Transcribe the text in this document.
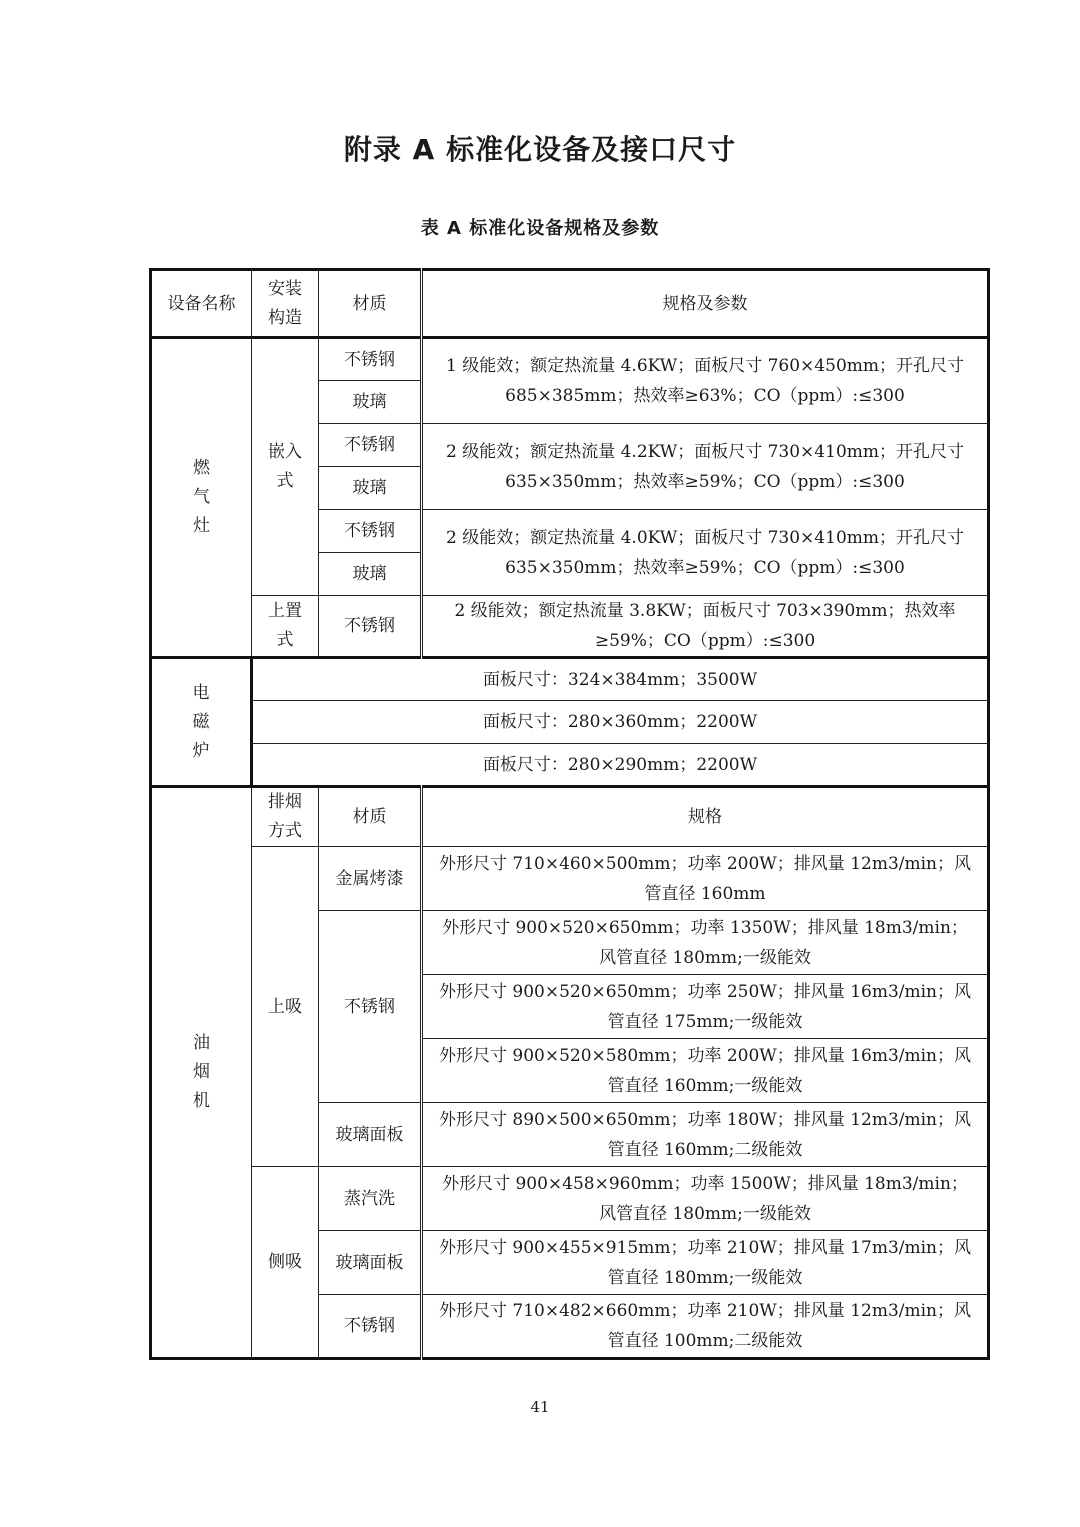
附录 A 标准化设备及接口尺寸
表 A 标准化设备规格及参数
设备名称	安装构造	材质	规格及参数
燃气灶	嵌入式	不锈钢	1 级能效；额定热流量 4.6KW；面板尺寸 760×450mm；开孔尺寸 685×385mm；热效率≥63%；CO（ppm）:≤300
		玻璃	
		不锈钢	2 级能效；额定热流量 4.2KW；面板尺寸 730×410mm；开孔尺寸 635×350mm；热效率≥59%；CO（ppm）:≤300
		玻璃	
		不锈钢	2 级能效；额定热流量 4.0KW；面板尺寸 730×410mm；开孔尺寸 635×350mm；热效率≥59%；CO（ppm）:≤300
		玻璃	
	上置式	不锈钢	2 级能效；额定热流量 3.8KW；面板尺寸 703×390mm；热效率≥59%；CO（ppm）:≤300
电磁炉	面板尺寸：324×384mm；3500W		
	面板尺寸：280×360mm；2200W		
	面板尺寸：280×290mm；2200W		
油烟机	排烟方式	材质	规格
	上吸	金属烤漆	外形尺寸 710×460×500mm；功率 200W；排风量 12m3/min；风管直径 160mm
		不锈钢	外形尺寸 900×520×650mm；功率 1350W；排风量 18m3/min；风管直径 180mm;一级能效
			外形尺寸 900×520×650mm；功率 250W；排风量 16m3/min；风管直径 175mm;一级能效
			外形尺寸 900×520×580mm；功率 200W；排风量 16m3/min；风管直径 160mm;一级能效
		玻璃面板	外形尺寸 890×500×650mm；功率 180W；排风量 12m3/min；风管直径 160mm;二级能效
	侧吸	蒸汽洗	外形尺寸 900×458×960mm；功率 1500W；排风量 18m3/min；风管直径 180mm;一级能效
		玻璃面板	外形尺寸 900×455×915mm；功率 210W；排风量 17m3/min；风管直径 180mm;一级能效
		不锈钢	外形尺寸 710×482×660mm；功率 210W；排风量 12m3/min；风管直径 100mm;二级能效
41
